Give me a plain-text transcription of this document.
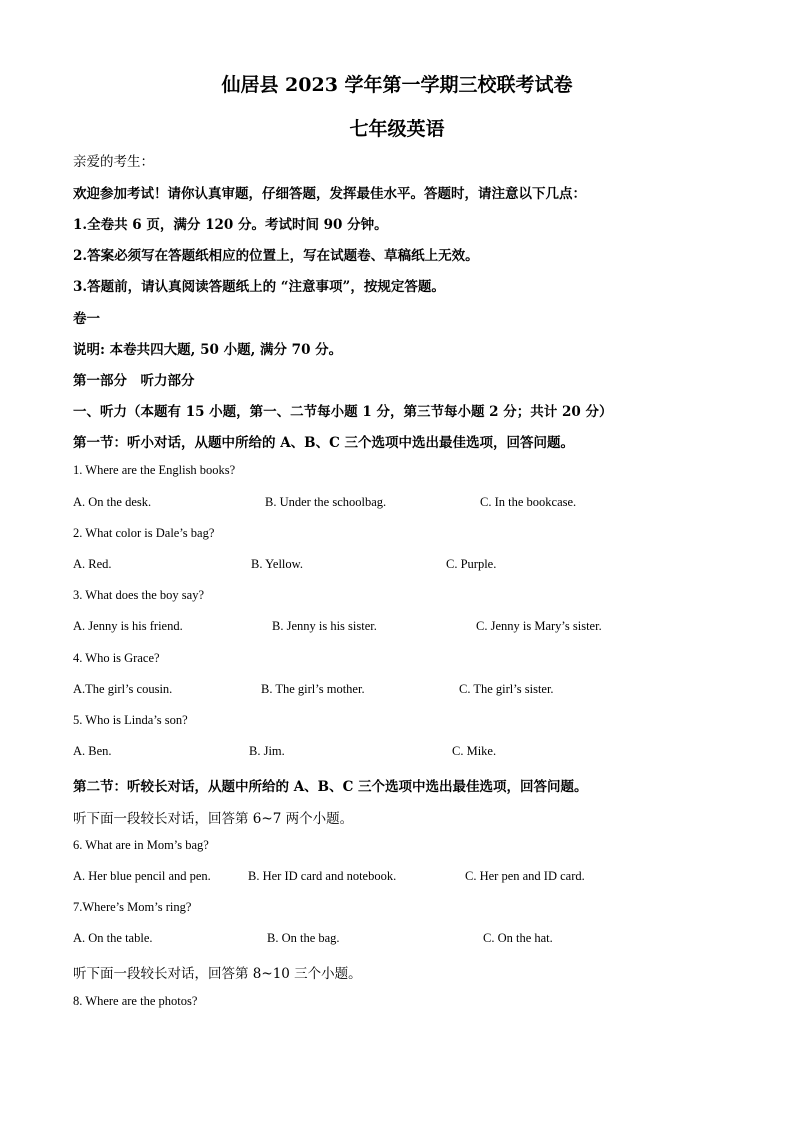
仙居县 2023 学年第一学期三校联考试卷
七年级英语
亲爱的考生：
欢迎参加考试！请你认真审题，仔细答题，发挥最佳水平。答题时，请注意以下几点：
1.全卷共 6 页，满分 120 分。考试时间 90 分钟。
2.答案必须写在答题纸相应的位置上，写在试题卷、草稿纸上无效。
3.答题前，请认真阅读答题纸上的 “注意事项”，按规定答题。
卷一
说明: 本卷共四大题, 50 小题, 满分 70 分。
第一部分　听力部分
一、听力（本题有 15 小题，第一、二节每小题 1 分，第三节每小题 2 分；共计 20 分）
第一节：听小对话，从题中所给的 A、B、C 三个选项中选出最佳选项，回答问题。
1. Where are the English books?
A. On the desk.	B. Under the schoolbag.	C. In the bookcase.
2. What color is Dale’s bag?
A. Red.	B. Yellow.	C. Purple.
3. What does the boy say?
A. Jenny is his friend.	B. Jenny is his sister.	C. Jenny is Mary’s sister.
4. Who is Grace?
A.The girl’s cousin.	B. The girl’s mother.	C. The girl’s sister.
5. Who is Linda’s son?
A. Ben.	B. Jim.	C. Mike.
第二节：听较长对话，从题中所给的 A、B、C 三个选项中选出最佳选项，回答问题。
听下面一段较长对话，回答第 6~7 两个小题。
6. What are in Mom’s bag?
A. Her blue pencil and pen.	B. Her ID card and notebook.	C. Her pen and ID card.
7.Where’s Mom’s ring?
A. On the table.	B. On the bag.	C. On the hat.
听下面一段较长对话，回答第 8~10 三个小题。
8. Where are the photos?
